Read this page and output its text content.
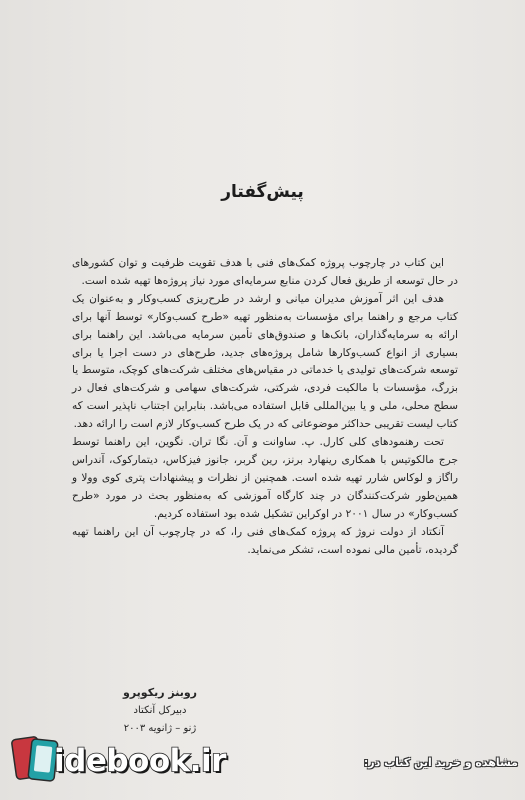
پیش‌گفتار

این کتاب در چارچوب پروژه کمک‌های فنی با هدف تقویت ظرفیت و توان کشورهای در حال توسعه از طریق فعال کردن منابع سرمایه‌ای مورد نیاز پروژه‌ها تهیه شده است.

هدف این اثر آموزش مدیران میانی و ارشد در طرح‌ریزی کسب‌وکار و به‌عنوان یک کتاب مرجع و راهنما برای مؤسسات به‌منظور تهیه «طرح کسب‌وکار» توسط آنها برای ارائه به سرمایه‌گذاران، بانک‌ها و صندوق‌های تأمین سرمایه می‌باشد. این راهنما برای بسیاری از انواع کسب‌وکارها شامل پروژه‌های جدید، طرح‌های در دست اجرا یا برای توسعه شرکت‌های تولیدی یا خدماتی در مقیاس‌های مختلف شرکت‌های کوچک، متوسط یا بزرگ، مؤسسات با مالکیت فردی، شرکتی، شرکت‌های سهامی و شرکت‌های فعال در سطح محلی، ملی و یا بین‌المللی قابل استفاده می‌باشد. بنابراین اجتناب ناپذیر است که کتاب لیست تقریبی حداکثر موضوعاتی که در یک طرح کسب‌وکار لازم است را ارائه دهد.

تحت رهنمودهای کلی کارل. پ. ساوانت و آن. نگا تران. نگوین، این راهنما توسط جرج مالکوتیس با همکاری رینهارد برنز، رین گربر، جانوز فیزکاس، دیتمارکوک، آندراس راگاز و لوکاس شارر تهیه شده است. همچنین از نظرات و پیشنهادات پتری کوی وولا و همین‌طور شرکت‌کنندگان در چند کارگاه آموزشی که به‌منظور بحث در مورد «طرح کسب‌وکار» در سال ۲۰۰۱ در اوکراین تشکیل شده بود استفاده کردیم.

آنکتاد از دولت نروژ که پروژه کمک‌های فنی را، که در چارچوب آن این راهنما تهیه گردیده، تأمین مالی نموده است، تشکر می‌نماید.

روبنز ریکوپرو
دبیرکل آنکتاد
ژنو – ژانویه ۲۰۰۳
idebook.ir	مشاهده و خرید این کتاب در:
